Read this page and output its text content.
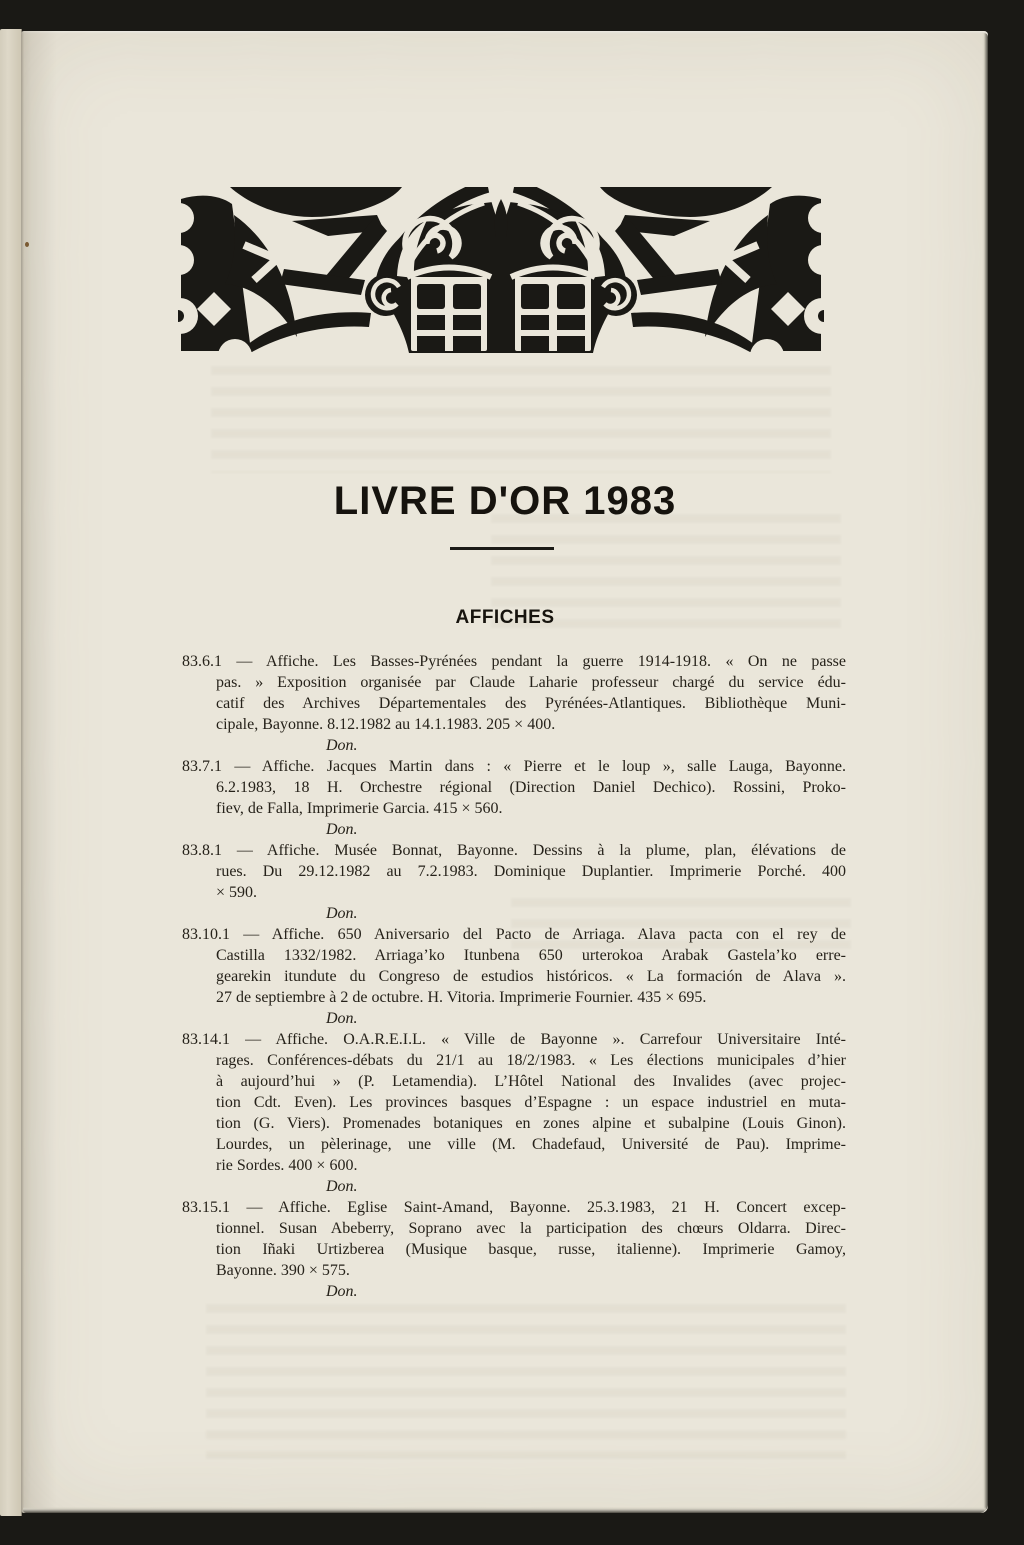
LIVRE D'OR 1983
AFFICHES
83.6.1 — Affiche. Les Basses-Pyrénées pendant la guerre 1914-1918. « On ne passe
pas. » Exposition organisée par Claude Laharie professeur chargé du service édu-
catif des Archives Départementales des Pyrénées-Atlantiques. Bibliothèque Muni-
cipale, Bayonne. 8.12.1982 au 14.1.1983. 205 × 400.
Don.
83.7.1 — Affiche. Jacques Martin dans : « Pierre et le loup », salle Lauga, Bayonne.
6.2.1983, 18 H. Orchestre régional (Direction Daniel Dechico). Rossini, Proko-
fiev, de Falla, Imprimerie Garcia. 415 × 560.
Don.
83.8.1 — Affiche. Musée Bonnat, Bayonne. Dessins à la plume, plan, élévations de
rues. Du 29.12.1982 au 7.2.1983. Dominique Duplantier. Imprimerie Porché. 400
× 590.
Don.
83.10.1 — Affiche. 650 Aniversario del Pacto de Arriaga. Alava pacta con el rey de
Castilla 1332/1982. Arriaga’ko Itunbena 650 urterokoa Arabak Gastela’ko erre-
gearekin itundute du Congreso de estudios históricos. « La formación de Alava ».
27 de septiembre à 2 de octubre. H. Vitoria. Imprimerie Fournier. 435 × 695.
Don.
83.14.1 — Affiche. O.A.R.E.I.L. « Ville de Bayonne ». Carrefour Universitaire Inté-
rages. Conférences-débats du 21/1 au 18/2/1983. « Les élections municipales d’hier
à aujourd’hui » (P. Letamendia). L’Hôtel National des Invalides (avec projec-
tion Cdt. Even). Les provinces basques d’Espagne : un espace industriel en muta-
tion (G. Viers). Promenades botaniques en zones alpine et subalpine (Louis Ginon).
Lourdes, un pèlerinage, une ville (M. Chadefaud, Université de Pau). Imprime-
rie Sordes. 400 × 600.
Don.
83.15.1 — Affiche. Eglise Saint-Amand, Bayonne. 25.3.1983, 21 H. Concert excep-
tionnel. Susan Abeberry, Soprano avec la participation des chœurs Oldarra. Direc-
tion Iñaki Urtizberea (Musique basque, russe, italienne). Imprimerie Gamoy,
Bayonne. 390 × 575.
Don.
